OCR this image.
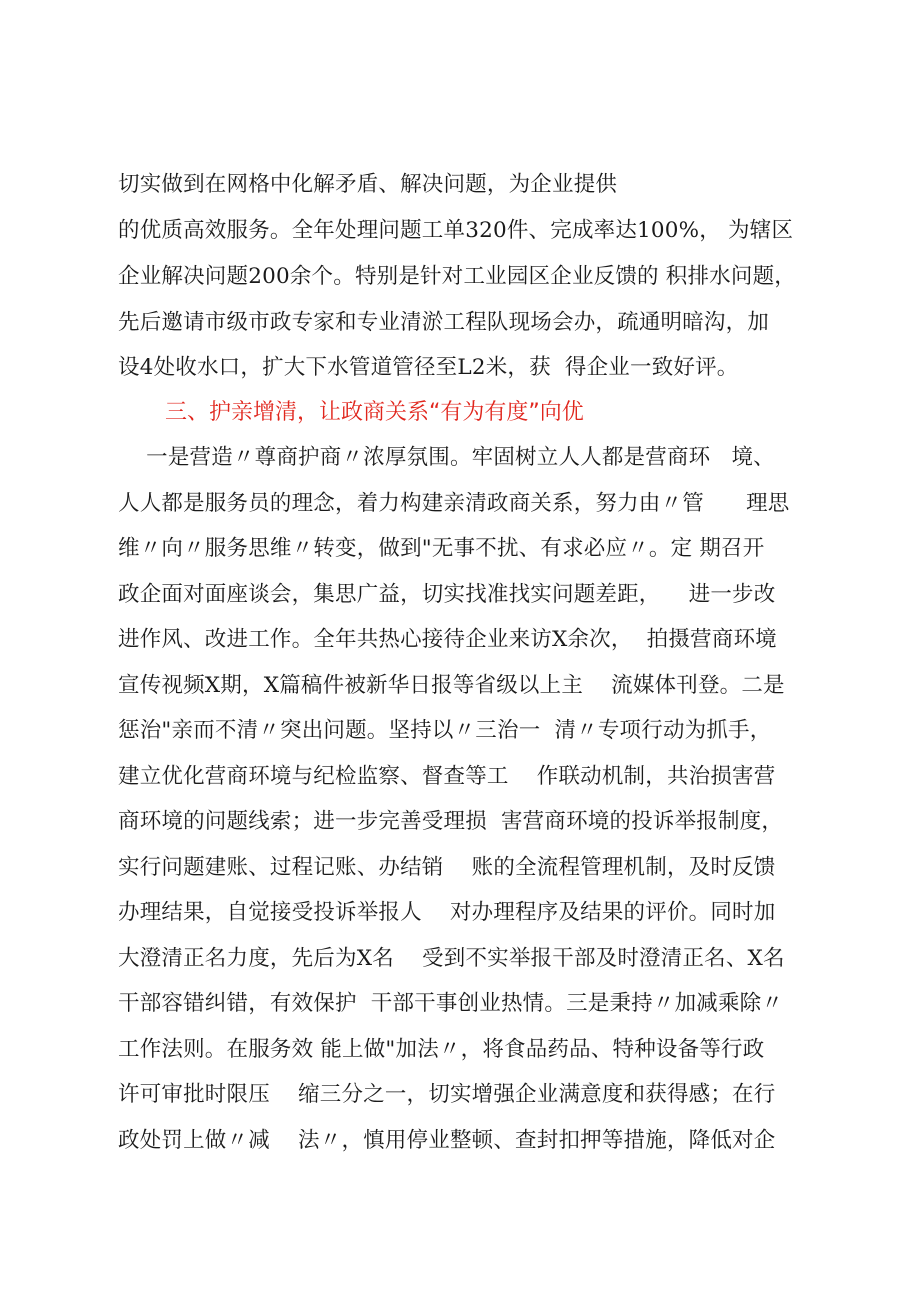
切实做到在网格中化解矛盾、解决问题，为企业提供
的优质高效服务。全年处理问题工单320件、完成率达100%， 为辖区
企业解决问题200余个。特别是针对工业园区企业反馈的 积排水问题，
先后邀请市级市政专家和专业清淤工程队现场会办，疏通明暗沟，加
设4处收水口，扩大下水管道管径至L2米，获  得企业一致好评。
三、护亲增清，让政商关系“有为有度”向优
一是营造〃尊商护商〃浓厚氛围。牢固树立人人都是营商环   境、
人人都是服务员的理念，着力构建亲清政商关系，努力由〃管      理思
维〃向〃服务思维〃转变，做到"无事不扰、有求必应〃。定 期召开
政企面对面座谈会，集思广益，切实找准找实问题差距，    进一步改
进作风、改进工作。全年共热心接待企业来访X余次，  拍摄营商环境
宣传视频X期，X篇稿件被新华日报等省级以上主    流媒体刊登。二是
惩治"亲而不清〃突出问题。坚持以〃三治一  清〃专项行动为抓手，
建立优化营商环境与纪检监察、督查等工    作联动机制，共治损害营
商环境的问题线索；进一步完善受理损  害营商环境的投诉举报制度，
实行问题建账、过程记账、办结销    账的全流程管理机制，及时反馈
办理结果，自觉接受投诉举报人    对办理程序及结果的评价。同时加
大澄清正名力度，先后为X名    受到不实举报干部及时澄清正名、X名
干部容错纠错，有效保护  干部干事创业热情。三是秉持〃加减乘除〃
工作法则。在服务效 能上做"加法〃，将食品药品、特种设备等行政
许可审批时限压    缩三分之一，切实增强企业满意度和获得感；在行
政处罚上做〃减    法〃，慎用停业整顿、查封扣押等措施，降低对企
